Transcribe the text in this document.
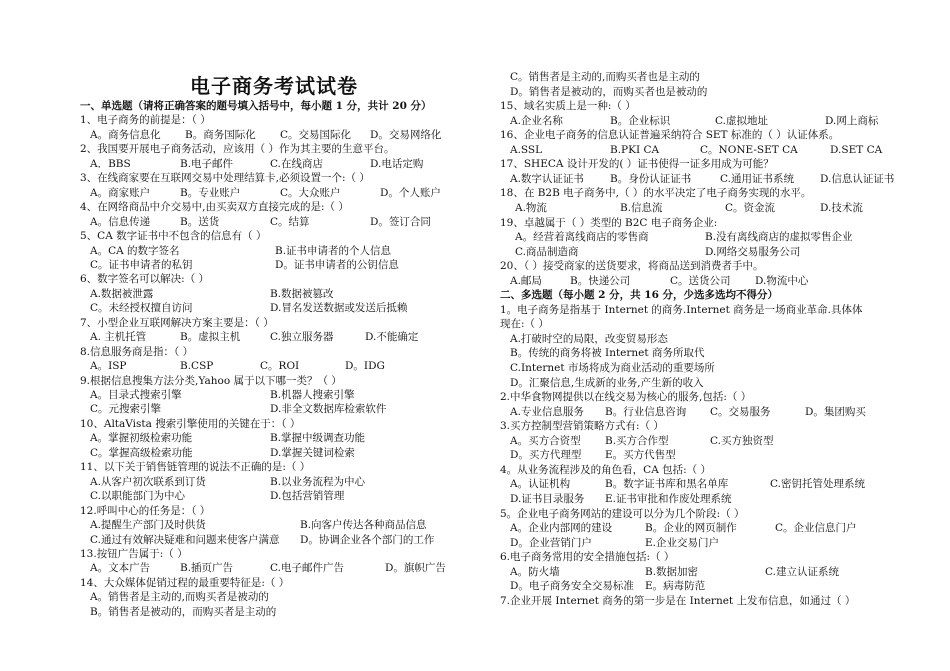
电子商务考试试卷
一、单选题（请将正确答案的题号填入括号中，每小题 1 分，共计 20 分）
1、电子商务的前提是：（ ）
A。商务信息化 B。商务国际化 C。交易国际化 D。交易网络化
2、我国要开展电子商务活动，应该用（ ）作为其主要的生意平台。
A．BBS	B.电子邮件	C.在线商店	D.电话定购
3、在线商家要在互联网交易中处理结算卡,必须设置一个:（ ）
A。商家账户	B。专业账户	C。大众账户	D。个人账户
4、在网络商品中介交易中,由买卖双方直接完成的是:（ ）
A。信息传递	B。送货	C。结算	D。签订合同
5、CA 数字证书中不包含的信息有（ ）
A。CA 的数字签名	B.证书申请者的个人信息
C。证书申请者的私钥	D。证书申请者的公钥信息
6、数字签名可以解决:（ ）
A.数据被泄露	B.数据被篡改
C。未经授权擅自访问	D.冒名发送数据或发送后抵赖
7、小型企业互联网解决方案主要是：（ ）
A. 主机托管	B。虚拟主机	C.独立服务器	D.不能确定
8.信息服务商是指：（ ）
A。ISP	B.CSP	C。ROI	D。IDG
9.根据信息搜集方法分类,Yahoo 属于以下哪一类？（ ）
A。目录式搜索引擎	B.机器人搜索引擎
C。元搜索引擎	D.非全文数据库检索软件
10、AltaVista 搜索引擎使用的关键在于：（ ）
A。掌握初级检索功能	B.掌握中级调查功能
C。掌握高级检索功能	D.掌握关键词检索
11、以下关于销售链管理的说法不正确的是:（ ）
A.从客户初次联系到订货	B.以业务流程为中心
C.以职能部门为中心	D.包括营销管理
12.呼叫中心的任务是：（ ）
A.提醒生产部门及时供货	B.向客户传达各种商品信息
C.通过有效解决疑难和问题来使客户满意 D。协调企业各个部门的工作
13.按钮广告属于:（ ）
A。文本广告	B.插页广告	C.电子邮件广告	D。旗帜广告
14、大众媒体促销过程的最重要特征是:（ ）
A。销售者是主动的,而购买者是被动的
B。销售者是被动的，而购买者是主动的
C。销售者是主动的,而购买者也是主动的
D。销售者是被动的，而购买者也是被动的
15、域名实质上是一种:（ ）
A.企业名称	B。企业标识	C.虚拟地址	D.网上商标
16、企业电子商务的信息认证普遍采纳符合 SET 标准的（ ）认证体系。
A.SSL	B.PKI CA	C。NONE-SET CA	D.SET CA
17、SHECA 设计开发的( ）证书使得一证多用成为可能？
A.数字认证证书 B。身份认证证书	C.通用证书系统 D.信息认证证书
18、在 B2B 电子商务中,（ ）的水平决定了电子商务实现的水平。
A.物流	B.信息流	C。资金流	D.技术流
19、卓越属于（ ）类型的 B2C 电子商务企业:
A。经营着离线商店的零售商	B.没有离线商店的虚拟零售企业
C.商品制造商	D.网络交易服务公司
20、（ ）接受商家的送货要求，将商品送到消费者手中。
A.邮局	B。快递公司	C。送货公司 D.物流中心
二、多选题（每小题 2 分，共 16 分，少选多选均不得分）
1。电子商务是指基于 Internet 的商务.Internet 商务是一场商业革命.具体体
现在:（ ）
A.打破时空的局限，改变贸易形态
B。传统的商务将被 Internet 商务所取代
C.Internet 市场将成为商业活动的重要场所
D。汇聚信息,生成新的业务,产生新的收入
2.中华食物网提供以在线交易为核心的服务,包括:（ ）
A.专业信息服务 B。行业信息咨询 C。交易服务	D。集团购买
3.买方控制型营销策略方式有:（ ）
A。买方合资型 B.买方合作型	C.买方独资型
D。买方代理型 E。买方代售型
4。从业务流程涉及的角色看，CA 包括:（ ）
A。认证机构	B。数字证书库和黑名单库	C.密钥托管处理系统
D.证书目录服务 E.证书审批和作废处理系统
5。企业电子商务网站的建设可以分为几个阶段:（ ）
A。企业内部网的建设	B。企业的网页制作	C。企业信息门户
D。企业营销门户	E.企业交易门户
6.电子商务常用的安全措施包括:（ ）
A。防火墙	B.数据加密	C.建立认证系统
D。电子商务安全交易标准 E。病毒防范
7.企业开展 Internet 商务的第一步是在 Internet 上发布信息，如通过（ ）
